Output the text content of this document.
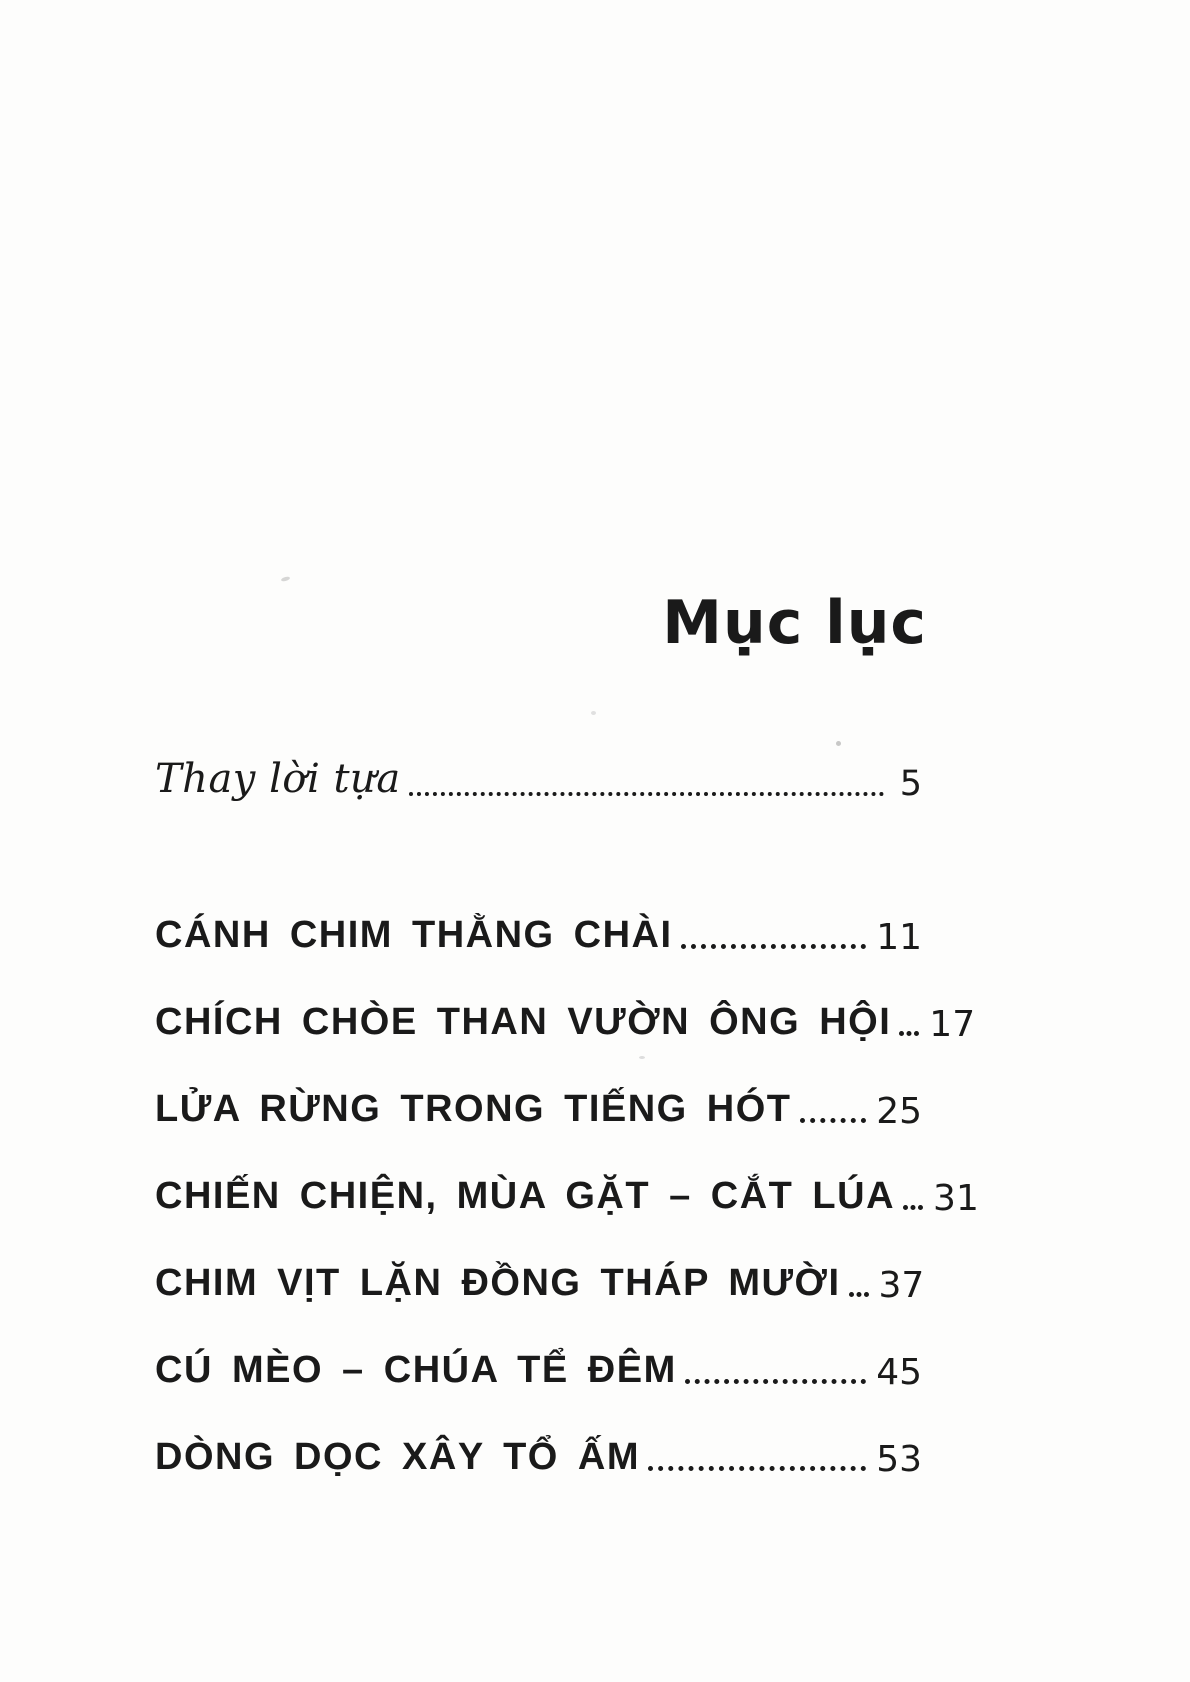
Mục lục
Thay lời tựa	5
CÁNH CHIM THẰNG CHÀI	11
CHÍCH CHÒE THAN VƯỜN ÔNG HỘI 17
LỬA RỪNG TRONG TIẾNG HÓT 25
CHIẾN CHIỆN, MÙA GẶT – CẮT LÚA 31
CHIM VỊT LẶN ĐỒNG THÁP MƯỜI 37
CÚ MÈO – CHÚA TỂ ĐÊM	45
DÒNG DỌC XÂY TỔ ẤM	53
